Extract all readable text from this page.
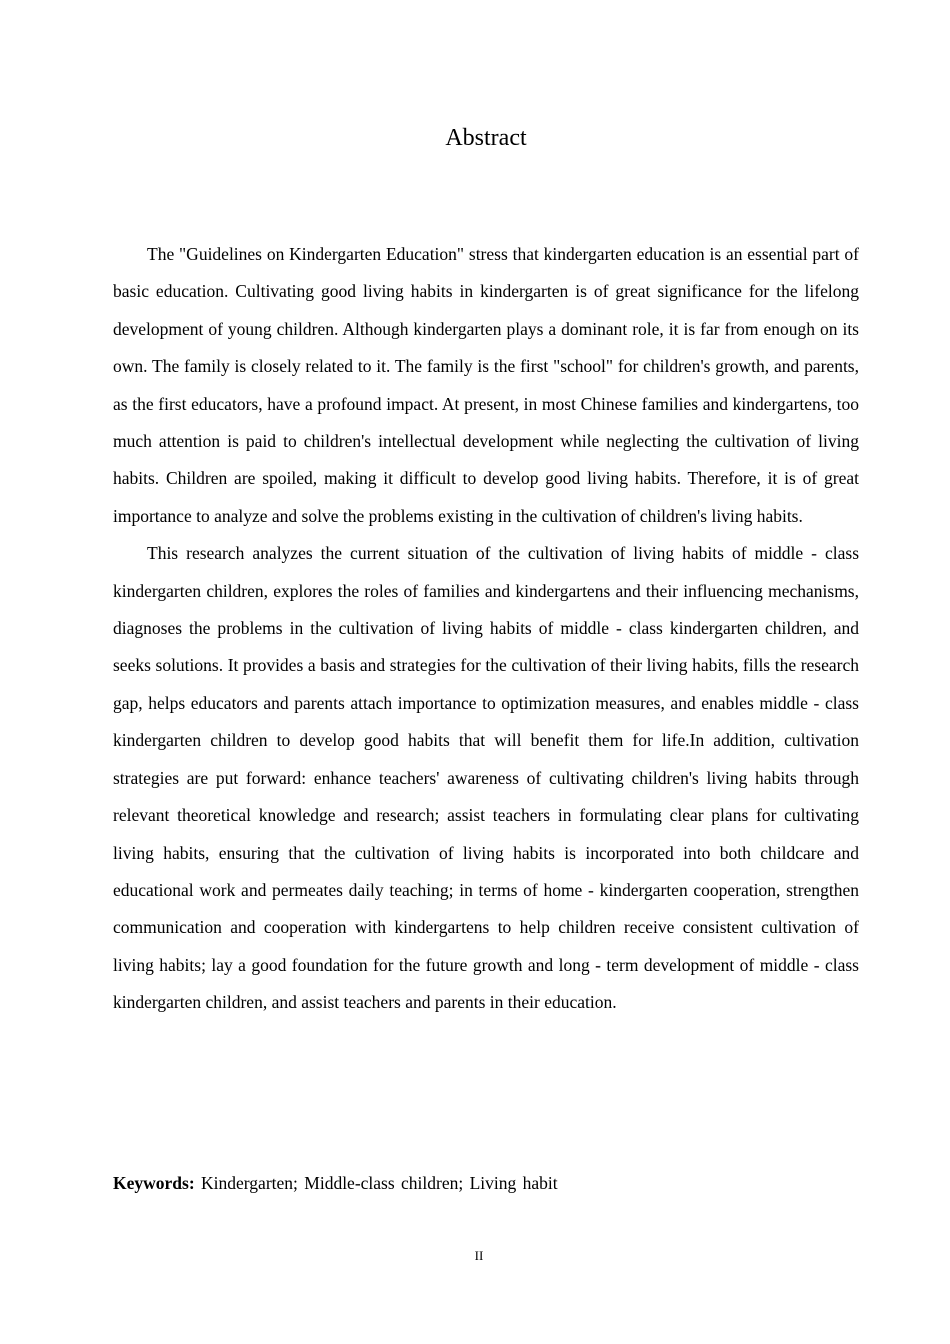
Abstract

The "Guidelines on Kindergarten Education" stress that kindergarten education is an essential part of basic education. Cultivating good living habits in kindergarten is of great significance for the lifelong development of young children. Although kindergarten plays a dominant role, it is far from enough on its own. The family is closely related to it. The family is the first "school" for children's growth, and parents, as the first educators, have a profound impact. At present, in most Chinese families and kindergartens, too much attention is paid to children's intellectual development while neglecting the cultivation of living habits. Children are spoiled, making it difficult to develop good living habits. Therefore, it is of great importance to analyze and solve the problems existing in the cultivation of children's living habits.

This research analyzes the current situation of the cultivation of living habits of middle - class kindergarten children, explores the roles of families and kindergartens and their influencing mechanisms, diagnoses the problems in the cultivation of living habits of middle - class kindergarten children, and seeks solutions. It provides a basis and strategies for the cultivation of their living habits, fills the research gap, helps educators and parents attach importance to optimization measures, and enables middle - class kindergarten children to develop good habits that will benefit them for life.In addition, cultivation strategies are put forward: enhance teachers' awareness of cultivating children's living habits through relevant theoretical knowledge and research; assist teachers in formulating clear plans for cultivating living habits, ensuring that the cultivation of living habits is incorporated into both childcare and educational work and permeates daily teaching; in terms of home - kindergarten cooperation, strengthen communication and cooperation with kindergartens to help children receive consistent cultivation of living habits; lay a good foundation for the future growth and long - term development of middle - class kindergarten children, and assist teachers and parents in their education.

Keywords: Kindergarten; Middle-class children; Living habit

II
